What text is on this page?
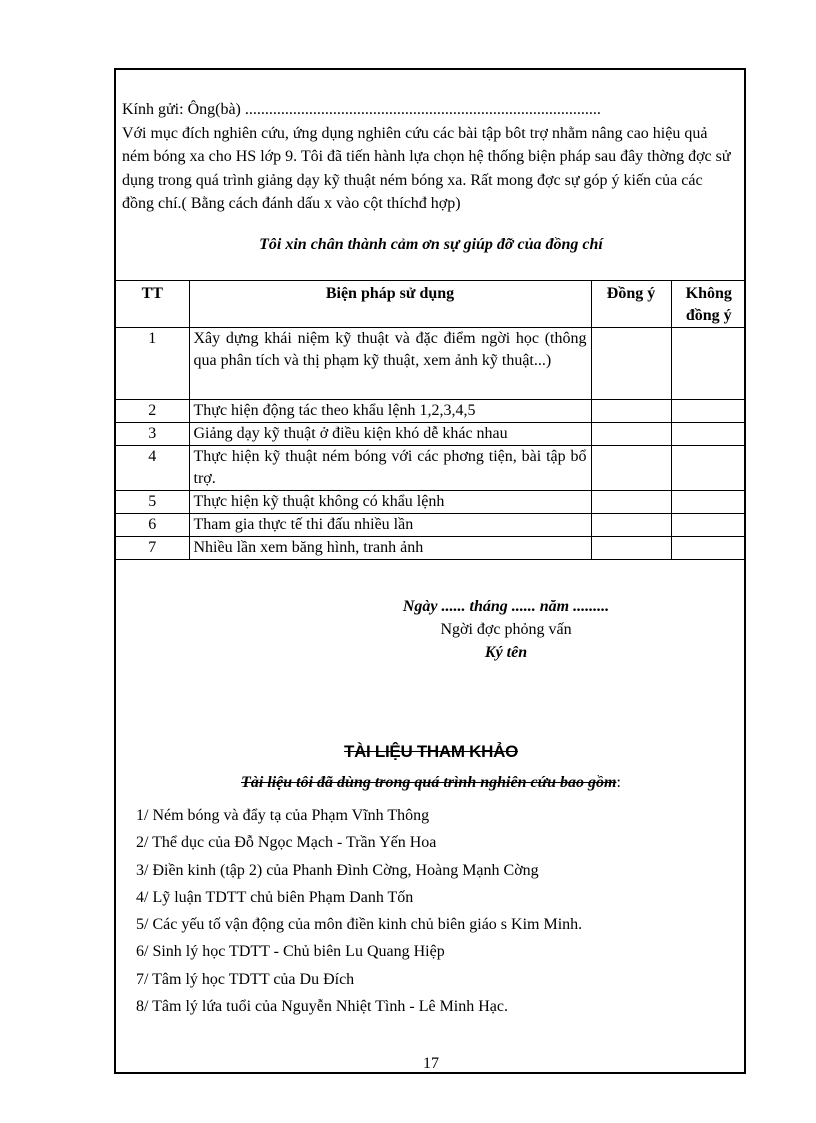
Kính gửi: Ông(bà) .........................................................................................

Với mục đích nghiên cứu, ứng dụng nghiên cứu các bài tập bôt trợ nhằm nâng cao hiệu quả ném bóng xa cho HS lớp 9. Tôi đã tiến hành lựa chọn hệ thống biện pháp sau đây thờng đợc sử dụng trong quá trình giảng dạy kỹ thuật ném bóng xa. Rất mong đợc sự góp ý kiến của các đồng chí.( Bằng cách đánh dấu x vào cột thíchđ hợp)

Tôi xin chân thành cảm ơn sự giúp đỡ của đồng chí
TT	Biện pháp sử dụng	Đồng ý	Không đồng ý
1	Xây dựng khái niệm kỹ thuật và đặc điểm ngời học (thông qua phân tích và thị phạm kỹ thuật, xem ảnh kỹ thuật...)		
2	Thực hiện động tác theo khẩu lệnh 1,2,3,4,5		
3	Giảng dạy kỹ thuật ở điều kiện khó dễ khác nhau		
4	Thực hiện kỹ thuật ném bóng với các phơng tiện, bài tập bổ trợ.		
5	Thực hiện kỹ thuật không có khẩu lệnh		
6	Tham gia thực tế thi đấu nhiều lần		
7	Nhiều lần xem băng hình, tranh ảnh		
Ngày ...... tháng ...... năm .........
Ngời đợc phỏng vấn
Ký tên
TÀI LIỆU THAM KHẢO
Tài liệu tôi đã dùng trong quá trình nghiên cứu bao gồm:
1/ Ném bóng và đẩy tạ của Phạm Vĩnh Thông
2/ Thể dục của Đỗ Ngọc Mạch - Trần Yến Hoa
3/ Điền kinh (tập 2) của Phanh Đình Cờng, Hoàng Mạnh Cờng
4/ Lỹ luận TDTT chủ biên Phạm Danh Tốn
5/ Các yếu tố vận động của môn điền kinh chủ biên giáo s Kim Minh.
6/ Sinh lý học TDTT - Chủ biên Lu Quang Hiệp
7/ Tâm lý học TDTT của Du Đích
8/ Tâm lý lứa tuổi của Nguyễn Nhiệt Tình - Lê Minh Hạc.
17
